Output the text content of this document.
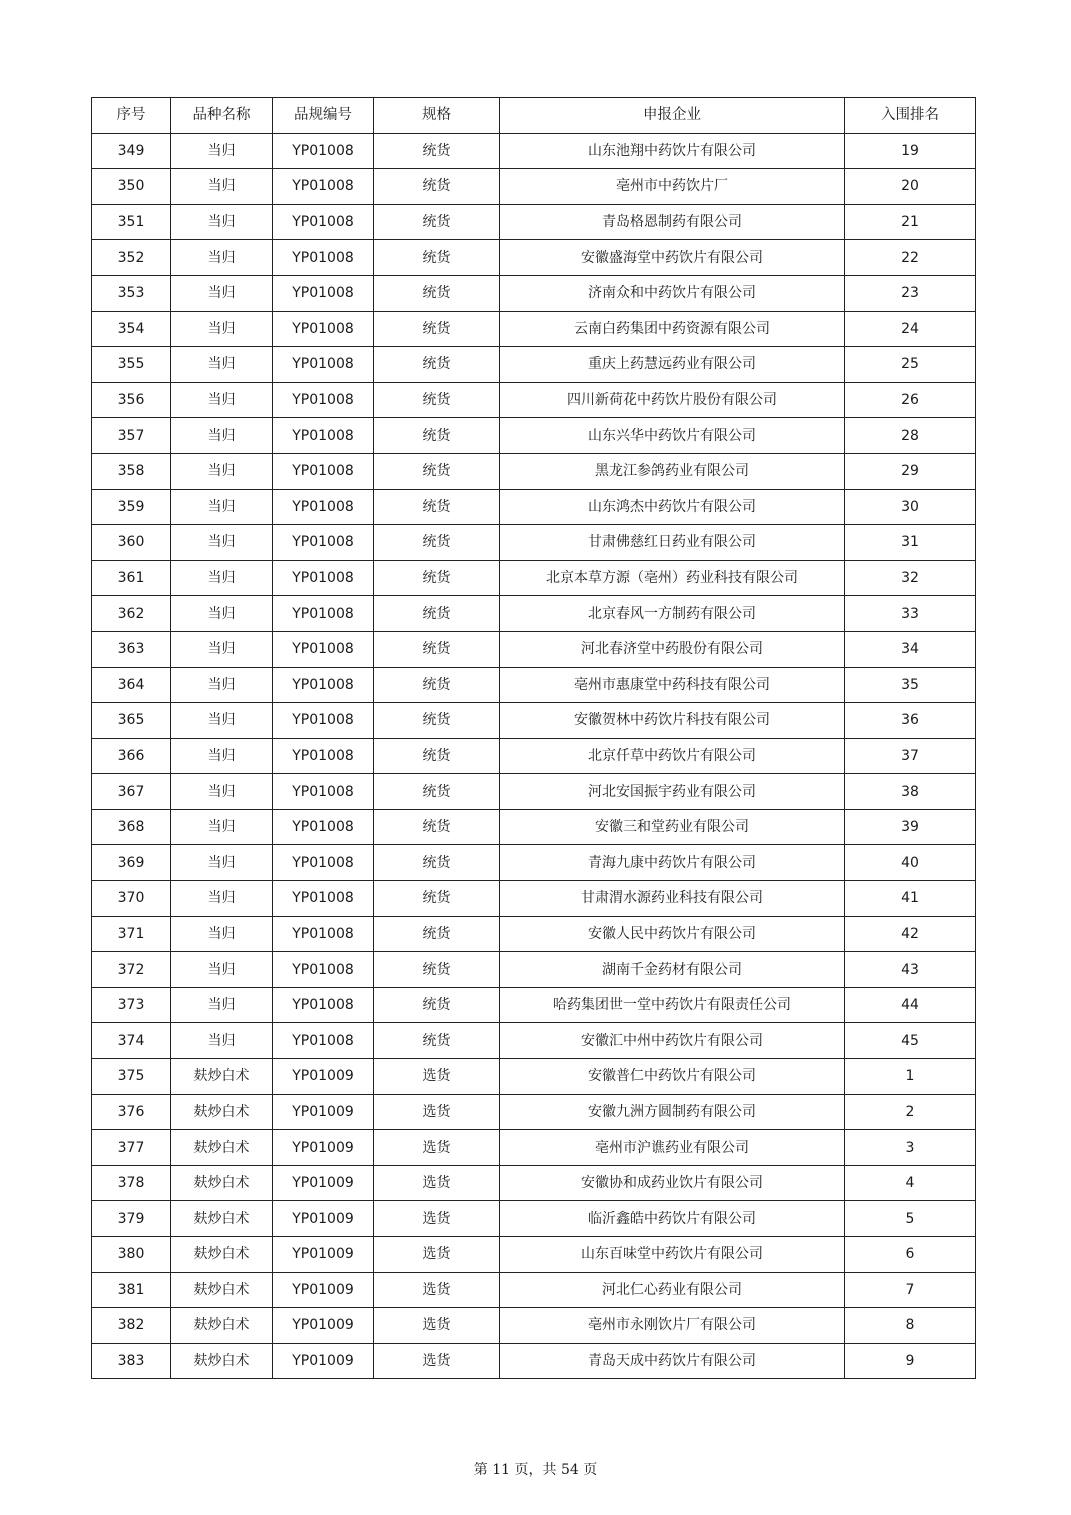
序号	品种名称	品规编号	规格	申报企业	入围排名
349	当归	YP01008	统货	山东池翔中药饮片有限公司	19
350	当归	YP01008	统货	亳州市中药饮片厂	20
351	当归	YP01008	统货	青岛格恩制药有限公司	21
352	当归	YP01008	统货	安徽盛海堂中药饮片有限公司	22
353	当归	YP01008	统货	济南众和中药饮片有限公司	23
354	当归	YP01008	统货	云南白药集团中药资源有限公司	24
355	当归	YP01008	统货	重庆上药慧远药业有限公司	25
356	当归	YP01008	统货	四川新荷花中药饮片股份有限公司	26
357	当归	YP01008	统货	山东兴华中药饮片有限公司	28
358	当归	YP01008	统货	黑龙江参鸽药业有限公司	29
359	当归	YP01008	统货	山东鸿杰中药饮片有限公司	30
360	当归	YP01008	统货	甘肃佛慈红日药业有限公司	31
361	当归	YP01008	统货	北京本草方源（亳州）药业科技有限公司	32
362	当归	YP01008	统货	北京春风一方制药有限公司	33
363	当归	YP01008	统货	河北春济堂中药股份有限公司	34
364	当归	YP01008	统货	亳州市惠康堂中药科技有限公司	35
365	当归	YP01008	统货	安徽贺林中药饮片科技有限公司	36
366	当归	YP01008	统货	北京仟草中药饮片有限公司	37
367	当归	YP01008	统货	河北安国振宇药业有限公司	38
368	当归	YP01008	统货	安徽三和堂药业有限公司	39
369	当归	YP01008	统货	青海九康中药饮片有限公司	40
370	当归	YP01008	统货	甘肃渭水源药业科技有限公司	41
371	当归	YP01008	统货	安徽人民中药饮片有限公司	42
372	当归	YP01008	统货	湖南千金药材有限公司	43
373	当归	YP01008	统货	哈药集团世一堂中药饮片有限责任公司	44
374	当归	YP01008	统货	安徽汇中州中药饮片有限公司	45
375	麸炒白术	YP01009	选货	安徽普仁中药饮片有限公司	1
376	麸炒白术	YP01009	选货	安徽九洲方圆制药有限公司	2
377	麸炒白术	YP01009	选货	亳州市沪谯药业有限公司	3
378	麸炒白术	YP01009	选货	安徽协和成药业饮片有限公司	4
379	麸炒白术	YP01009	选货	临沂鑫皓中药饮片有限公司	5
380	麸炒白术	YP01009	选货	山东百味堂中药饮片有限公司	6
381	麸炒白术	YP01009	选货	河北仁心药业有限公司	7
382	麸炒白术	YP01009	选货	亳州市永刚饮片厂有限公司	8
383	麸炒白术	YP01009	选货	青岛天成中药饮片有限公司	9
第 11 页，共 54 页
